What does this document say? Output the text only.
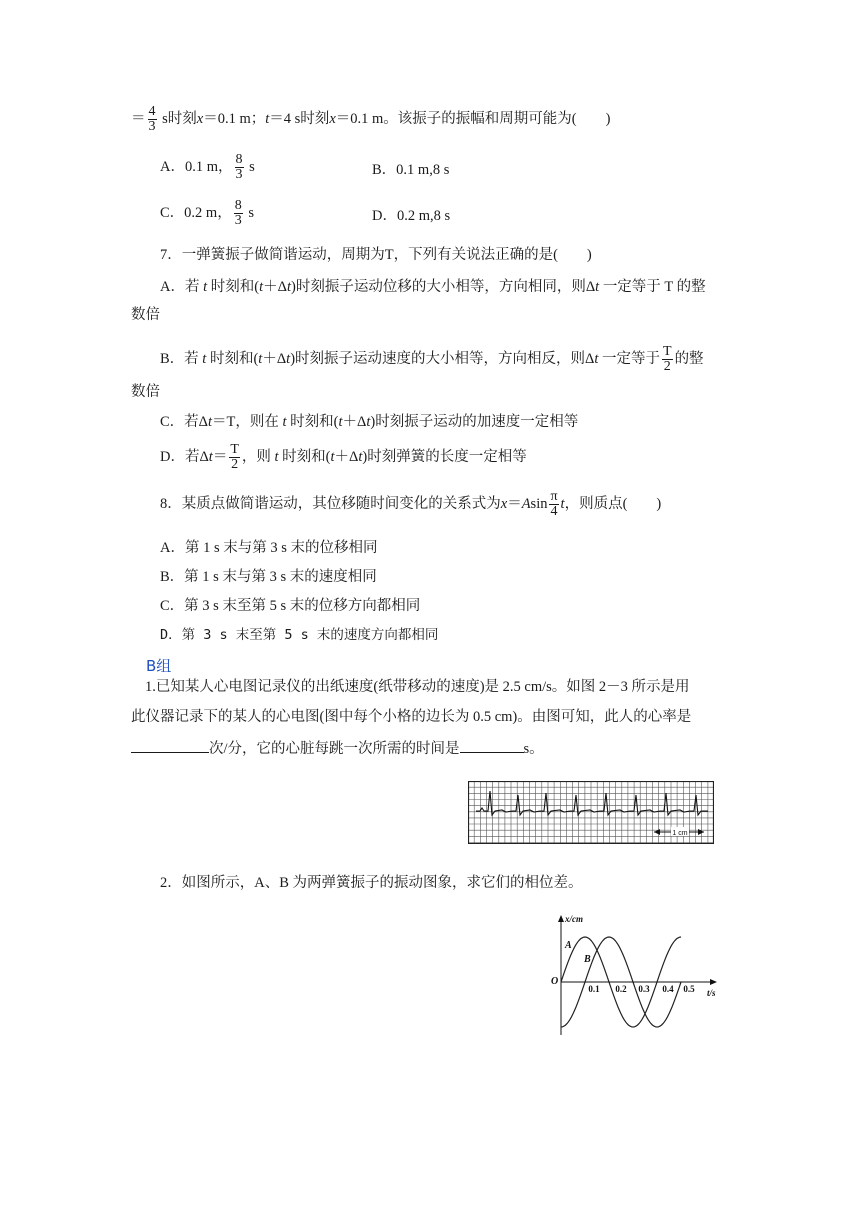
＝ $\frac{4}{3}$ s时刻x＝0.1 m；t＝4 s时刻x＝0.1 m。该振子的振幅和周期可能为(　　)
A．0.1 m， $\frac{8}{3}$ s	B．0.1 m,8 s
C．0.2 m， $\frac{8}{3}$ s	D．0.2 m,8 s
7．一弹簧振子做简谐运动，周期为T，下列有关说法正确的是(　　)
A．若 t 时刻和(t＋Δt)时刻振子运动位移的大小相等，方向相同，则Δt 一定等于 T 的整
数倍
B．若 t 时刻和(t＋Δt)时刻振子运动速度的大小相等，方向相反，则Δt 一定等于 $\frac{T}{2}$ 的整
数倍
C．若Δt＝T，则在 t 时刻和(t＋Δt)时刻振子运动的加速度一定相等
D．若$\Delta t= \frac{T}{2}$ ，则 t 时刻和(t＋Δt)时刻弹簧的长度一定相等
8．某质点做简谐运动，其位移随时间变化的关系式为$x=Asin \frac{\pi}{4}$ t，则质点(　　)
A．第 1 s 末与第 3 s 末的位移相同
B．第 1 s 末与第 3 s 末的速度相同
C．第 3 s 末至第 5 s 末的位移方向都相同
D．第 3 s 末至第 5 s 末的速度方向都相同
B组
1.已知某人心电图记录仪的出纸速度(纸带移动的速度)是 2.5 cm/s。如图 2－3 所示是用
此仪器记录下的某人的心电图(图中每个小格的边长为 0.5 cm)。由图可知，此人的心率是
次/分，它的心脏每跳一次所需的时间是	s。
1 cm
2．如图所示，A、B 为两弹簧振子的振动图象，求它们的相位差。
x/cm
t/s
O
A
B
0.1 0.2 0.3 0.4 0.5
